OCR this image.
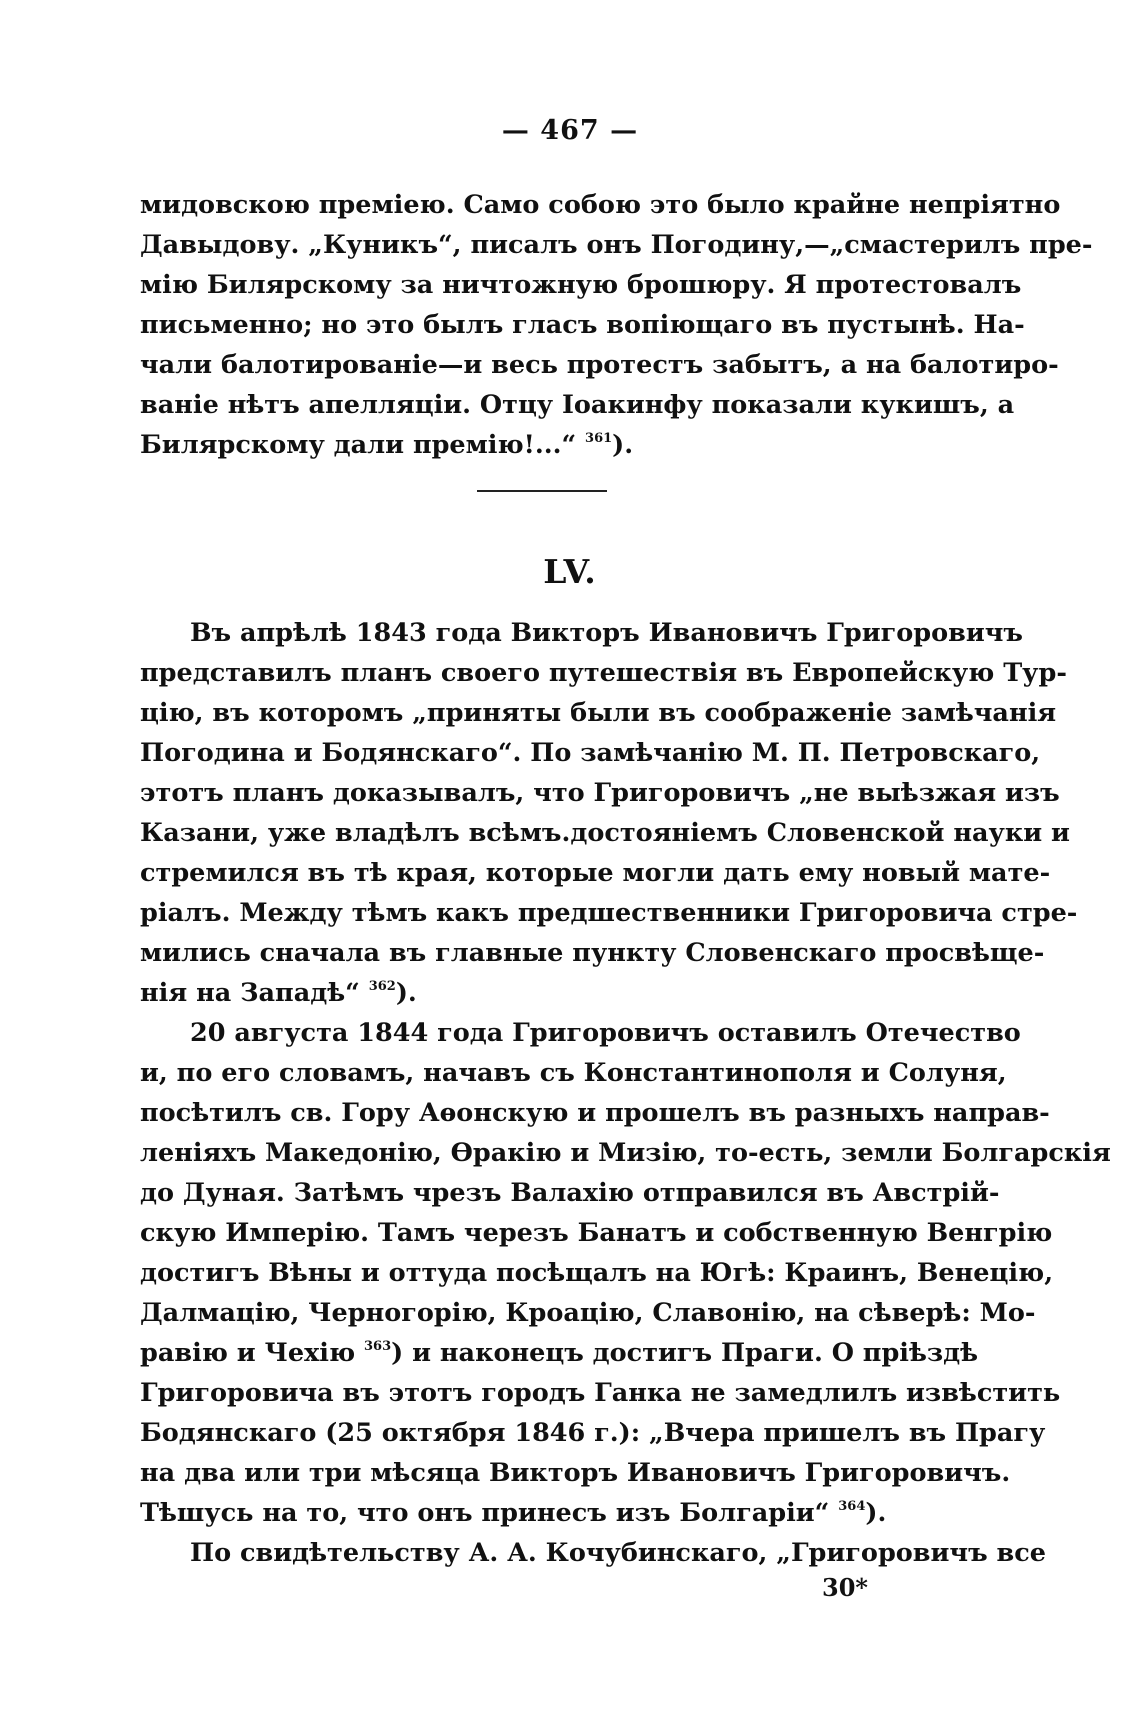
— 467 —
мидовскою преміею. Само собою это было крайне непріятно
Давыдову. „Куникъ“, писалъ онъ Погодину,—„смастерилъ пре-
мію Билярскому за ничтожную брошюру. Я протестовалъ
письменно; но это былъ гласъ вопіющаго въ пустынѣ. На-
чали балотированіе—и весь протестъ забытъ, а на балотиро-
ваніе нѣтъ апелляціи. Отцу Іоакинфу показали кукишъ, а
Билярскому дали премію!...“ $^{361}$).
LV.
Въ апрѣлѣ 1843 года Викторъ Ивановичъ Григоровичъ
представилъ планъ своего путешествія въ Европейскую Тур-
цію, въ которомъ „приняты были въ соображеніе замѣчанія
Погодина и Бодянскаго“. По замѣчанію М. П. Петровскаго,
этотъ планъ доказывалъ, что Григоровичъ „не выѣзжая изъ
Казани, уже владѣлъ всѣмъ.достояніемъ Словенской науки и
стремился въ тѣ края, которые могли дать ему новый мате-
ріалъ. Между тѣмъ какъ предшественники Григоровича стре-
мились сначала въ главные пункту Словенскаго просвѣще-
нія на Западѣ“ $^{362}$).
20 августа 1844 года Григоровичъ оставилъ Отечество
и, по его словамъ, начавъ съ Константинополя и Солуня,
посѣтилъ св. Гору Аѳонскую и прошелъ въ разныхъ направ-
леніяхъ Македонію, Ѳракію и Мизію, то-есть, земли Болгарскія
до Дуная. Затѣмъ чрезъ Валахію отправился въ Австрій-
скую Имперію. Тамъ черезъ Банатъ и собственную Венгрію
достигъ Вѣны и оттуда посѣщалъ на Югѣ: Краинъ, Венецію,
Далмацію, Черногорію, Кроацію, Славонію, на сѣверѣ: Мо-
равію и Чехію $^{363}$) и наконецъ достигъ Праги. О пріѣздѣ
Григоровича въ этотъ городъ Ганка не замедлилъ извѣстить
Бодянскаго (25 октября 1846 г.): „Вчера пришелъ въ Прагу
на два или три мѣсяца Викторъ Ивановичъ Григоровичъ.
Тѣшусь на то, что онъ принесъ изъ Болгаріи“ $^{364}$).
По свидѣтельству А. А. Кочубинскаго, „Григоровичъ все
30*
